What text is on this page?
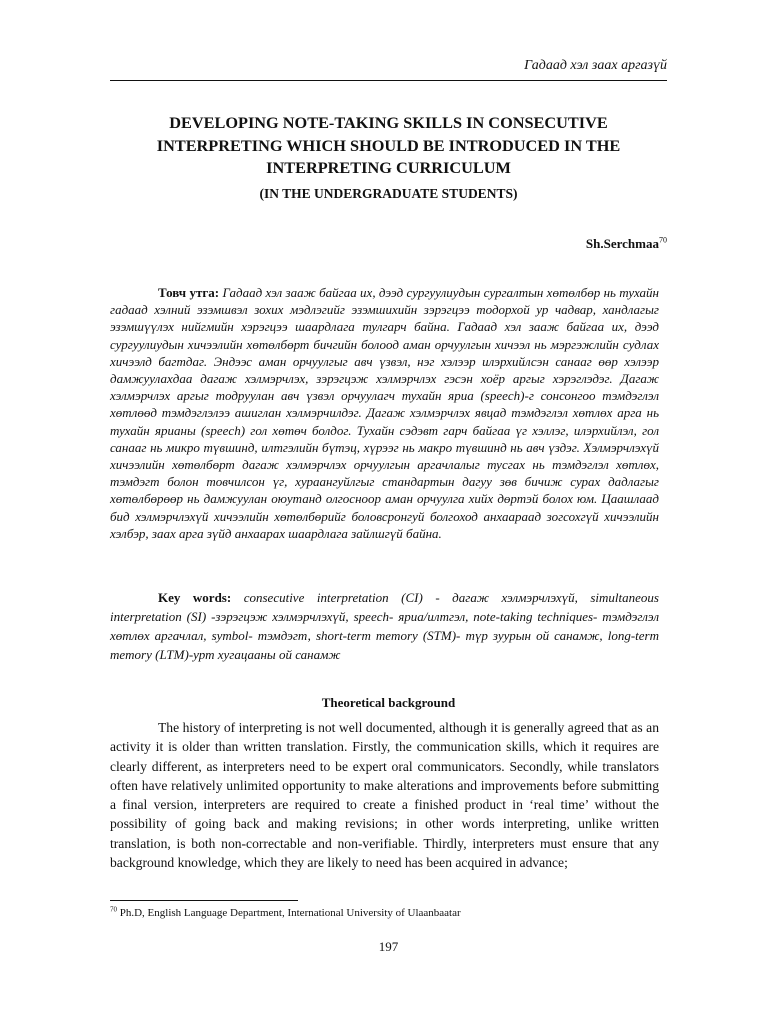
Гадаад хэл заах аргазүй
DEVELOPING NOTE-TAKING SKILLS IN CONSECUTIVE INTERPRETING WHICH SHOULD BE INTRODUCED IN THE INTERPRETING CURRICULUM

(IN THE UNDERGRADUATE STUDENTS)

Sh.Serchmaa$^{70}$

Товч утга: Гадаад хэл зааж байгаа их, дээд сургуулиудын сургалтын хөтөлбөр нь тухайн гадаад хэлний эзэмшвэл зохих мэдлэгийг эзэмшихийн зэрэгцээ тодорхой ур чадвар, хандлагыг эзэмшүүлэх нийгмийн хэрэгцээ шаардлага тулгарч байна. Гадаад хэл зааж байгаа их, дээд сургуулиудын хичээлийн хөтөлбөрт бичгийн болоод аман орчуулгын хичээл нь мэргэжлийн судлах хичээлд багтдаг. Эндээс аман орчуулгыг авч үзвэл, нэг хэлээр илэрхийлсэн санааг өөр хэлээр дамжуулахдаа дагаж хэлмэрчлэх, зэрэгцэж хэлмэрчлэх гэсэн хоёр аргыг хэрэглэдэг. Дагаж хэлмэрчлэх аргыг тодруулан авч үзвэл орчуулагч тухайн яриа (speech)-г сонсонгоо тэмдэглэл хөтлөөд тэмдэглэлээ ашиглан хэлмэрчилдэг. Дагаж хэлмэрчлэх явцад тэмдэглэл хөтлөх арга нь тухайн ярианы (speech) гол хөтөч болдог. Тухайн сэдэвт гарч байгаа үг хэллэг, илэрхийлэл, гол санааг нь микро түвшинд, илтгэлийн бүтэц, хүрээг нь макро түвшинд нь авч үздэг. Хэлмэрчлэхүй хичээлийн хөтөлбөрт дагаж хэлмэрчлэх орчуулгын аргачлалыг тусгах нь тэмдэглэл хөтлөх, тэмдэгт болон товчилсон үг, хураангуйлгыг стандартын дагуу зөв бичиж сурах дадлагыг хөтөлбөрөөр нь дамжуулан оюутанд олгосноор аман орчуулга хийх дөртэй болох юм. Цаашлаад бид хэлмэрчлэхүй хичээлийн хөтөлбөрийг боловсронгуй болгоход анхаараад зогсохгүй хичээлийн хэлбэр, заах арга зүйд анхаарах шаардлага зайлшгүй байна.

Key words: consecutive interpretation (CI) - дагаж хэлмэрчлэхүй, simultaneous interpretation (SI) -зэрэгцэж хэлмэрчлэхүй, speech- яриа/илтгэл, note-taking techniques- тэмдэглэл хөтлөх аргачлал, symbol- тэмдэгт, short-term memory (STM)- түр зуурын ой санамж, long-term memory (LTM)-урт хугацааны ой санамж

Theoretical background

The history of interpreting is not well documented, although it is generally agreed that as an activity it is older than written translation. Firstly, the communication skills, which it requires are clearly different, as interpreters need to be expert oral communicators. Secondly, while translators often have relatively unlimited opportunity to make alterations and improvements before submitting a final version, interpreters are required to create a finished product in ‘real time’ without the possibility of going back and making revisions; in other words interpreting, unlike written translation, is both non-correctable and non-verifiable. Thirdly, interpreters must ensure that any background knowledge, which they are likely to need has been acquired in advance;

$^{70}$ Ph.D, English Language Department, International University of Ulaanbaatar

197
